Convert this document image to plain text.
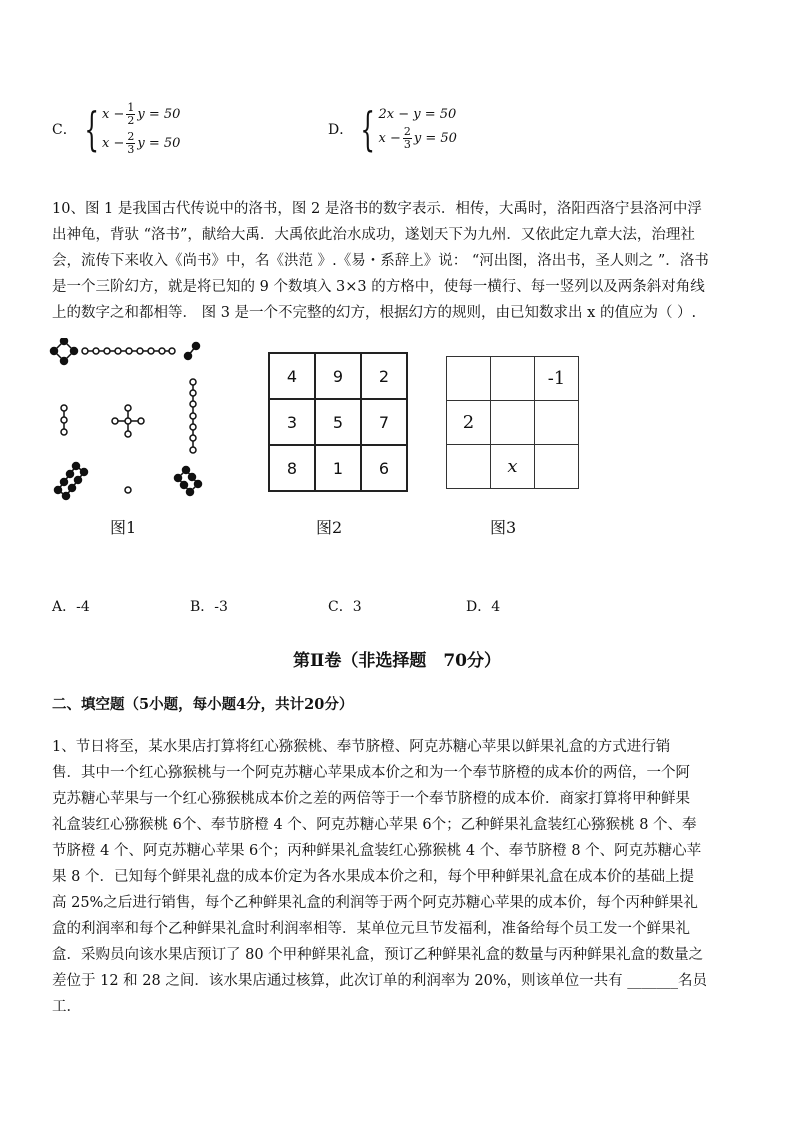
C． { $x - \frac{1}{2}$ y = 50
$x - \frac{2}{3}$ y = 50
D． { 2x − y = 50
$x - \frac{2}{3}$ y = 50
10、图 1 是我国古代传说中的洛书，图 2 是洛书的数字表示．相传，大禹时，洛阳西洛宁县洛河中浮
出神龟，背驮 “洛书”，献给大禹．大禹依此治水成功，遂划天下为九州．又依此定九章大法，治理社
会，流传下来收入《尚书》中，名《洪范 》.《易・系辞上》说： “河出图，洛出书，圣人则之 ”．洛书
是一个三阶幻方，就是将已知的 9 个数填入 3×3 的方格中，使每一横行、每一竖列以及两条斜对角线
上的数字之和都相等． 图 3 是一个不完整的幻方，根据幻方的规则，由已知数求出 x 的值应为（ ）.
4	9	2
3	5	7
8	1	6
		-1
2		
	x	
图1	图2	图3
A．-4	B．-3	C．3	D．4
第Ⅱ卷（非选择题　70分）
二、填空题（5小题，每小题4分，共计20分）
1、节日将至，某水果店打算将红心猕猴桃、奉节脐橙、阿克苏糖心苹果以鲜果礼盒的方式进行销
售．其中一个红心猕猴桃与一个阿克苏糖心苹果成本价之和为一个奉节脐橙的成本价的两倍，一个阿
克苏糖心苹果与一个红心猕猴桃成本价之差的两倍等于一个奉节脐橙的成本价．商家打算将甲种鲜果
礼盒装红心猕猴桃 6个、奉节脐橙 4 个、阿克苏糖心苹果 6个；乙种鲜果礼盒装红心猕猴桃 8 个、奉
节脐橙 4 个、阿克苏糖心苹果 6个；丙种鲜果礼盒装红心猕猴桃 4 个、奉节脐橙 8 个、阿克苏糖心苹
果 8 个．已知每个鲜果礼盘的成本价定为各水果成本价之和，每个甲种鲜果礼盒在成本价的基础上提
高 25%之后进行销售，每个乙种鲜果礼盒的利润等于两个阿克苏糖心苹果的成本价，每个丙种鲜果礼
盒的利润率和每个乙种鲜果礼盒时利润率相等．某单位元旦节发福利，准备给每个员工发一个鲜果礼
盒．采购员向该水果店预订了 80 个甲种鲜果礼盒，预订乙种鲜果礼盒的数量与丙种鲜果礼盒的数量之
差位于 12 和 28 之间．该水果店通过核算，此次订单的利润率为 20%，则该单位一共有 _______名员
工．
